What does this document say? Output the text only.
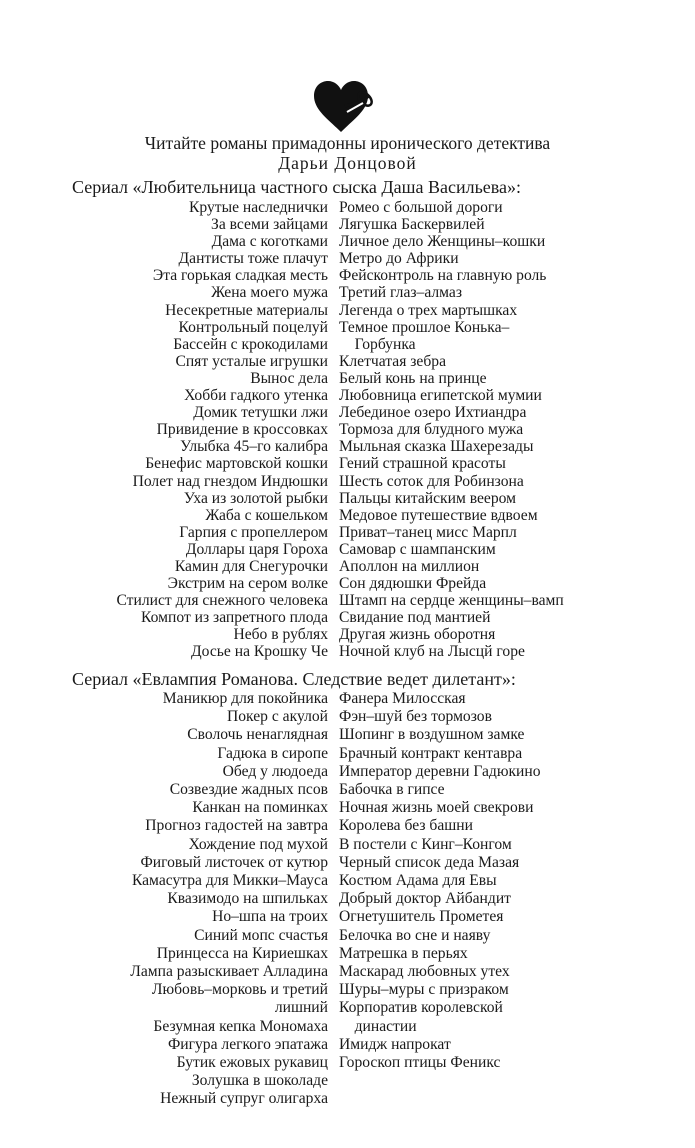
Читайте романы примадонны иронического детектива
Дарьи Донцовой
Сериал «Любительница частного сыска Даша Васильева»:
Крутые наследнички
За всеми зайцами
Дама с коготками
Дантисты тоже плачут
Эта горькая сладкая месть
Жена моего мужа
Несекретные материалы
Контрольный поцелуй
Бассейн с крокодилами
Спят усталые игрушки
Вынос дела
Хобби гадкого утенка
Домик тетушки лжи
Привидение в кроссовках
Улыбка 45–го калибра
Бенефис мартовской кошки
Полет над гнездом Индюшки
Уха из золотой рыбки
Жаба с кошельком
Гарпия с пропеллером
Доллары царя Гороха
Камин для Снегурочки
Экстрим на сером волке
Стилист для снежного человека
Компот из запретного плода
Небо в рублях
Досье на Крошку Че
Ромео с большой дороги
Лягушка Баскервилей
Личное дело Женщины–кошки
Метро до Африки
Фейсконтроль на главную роль
Третий глаз–алмаз
Легенда о трех мартышках
Темное прошлое Конька–
Горбунка
Клетчатая зебра
Белый конь на принце
Любовница египетской мумии
Лебединое озеро Ихтиандра
Тормоза для блудного мужа
Мыльная сказка Шахерезады
Гений страшной красоты
Шесть соток для Робинзона
Пальцы китайским веером
Медовое путешествие вдвоем
Приват–танец мисс Марпл
Самовар с шампанским
Аполлон на миллион
Сон дядюшки Фрейда
Штамп на сердце женщины–вамп
Свидание под мантией
Другая жизнь оборотня
Ночной клуб на Лысцй горе
Сериал «Евлампия Романова. Следствие ведет дилетант»:
Маникюр для покойника
Покер с акулой
Сволочь ненаглядная
Гадюка в сиропе
Обед у людоеда
Созвездие жадных псов
Канкан на поминках
Прогноз гадостей на завтра
Хождение под мухой
Фиговый листочек от кутюр
Камасутра для Микки–Мауса
Квазимодо на шпильках
Но–шпа на троих
Синий мопс счастья
Принцесса на Кириешках
Лампа разыскивает Алладина
Любовь–морковь и третий
лишний
Безумная кепка Мономаха
Фигура легкого эпатажа
Бутик ежовых рукавиц
Золушка в шоколаде
Нежный супруг олигарха
Фанера Милосская
Фэн–шуй без тормозов
Шопинг в воздушном замке
Брачный контракт кентавра
Император деревни Гадюкино
Бабочка в гипсе
Ночная жизнь моей свекрови
Королева без башни
В постели с Кинг–Конгом
Черный список деда Мазая
Костюм Адама для Евы
Добрый доктор Айбандит
Огнетушитель Прометея
Белочка во сне и наяву
Матрешка в перьях
Маскарад любовных утех
Шуры–муры с призраком
Корпоратив королевской
династии
Имидж напрокат
Гороскоп птицы Феникс
